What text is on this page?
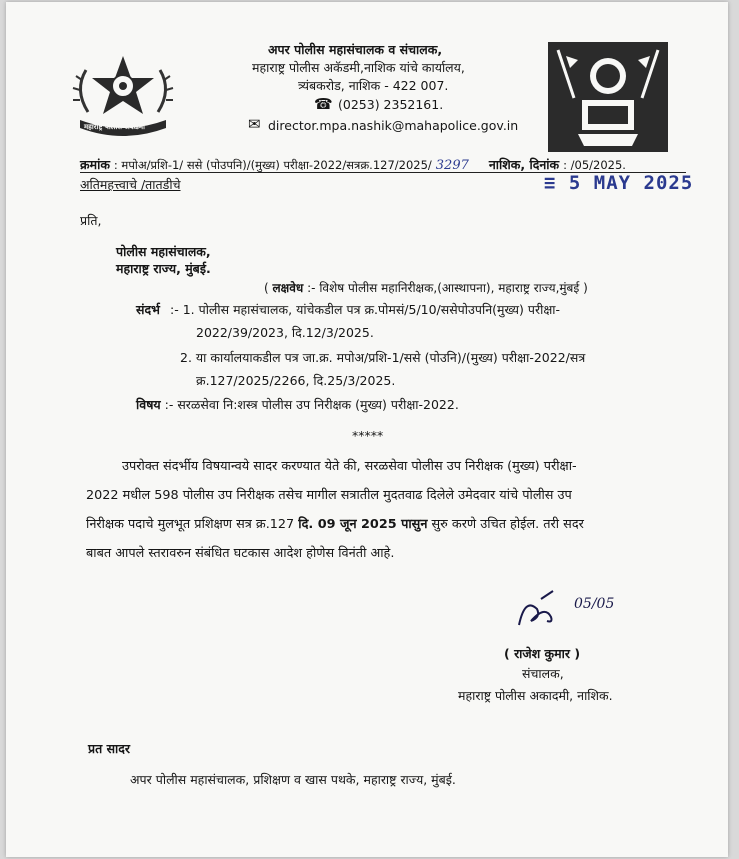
महाराष्ट्र पोलीस अकॅडमी
अपर पोलीस महासंचालक व संचालक,
महाराष्ट्र पोलीस अकॅडमी,नाशिक यांचे कार्यालय,
त्र्यंबकरोड, नाशिक - 422 007.
☎ (0253) 2352161.
✉ director.mpa.nashik@mahapolice.gov.in
क्रमांक : मपोअ/प्रशि-1/ ससे (पोउपनि)/(मुख्य) परीक्षा-2022/सत्रक्र.127/2025/ 3297 नाशिक, दिनांक : /05/2025.
अतिमहत्त्वाचे /तातडीचे	≡ 5 MAY 2025
प्रति,
पोलीस महासंचालक,
महाराष्ट्र राज्य, मुंबई.
( लक्षवेध :- विशेष पोलीस महानिरीक्षक,(आस्थापना), महाराष्ट्र राज्य,मुंबई )
संदर्भ :- 1. पोलीस महासंचालक, यांचेकडील पत्र क्र.पोमसं/5/10/ससेपोउपनि(मुख्य) परीक्षा-
2022/39/2023, दि.12/3/2025.
2. या कार्यालयाकडील पत्र जा.क्र. मपोअ/प्रशि-1/ससे (पोउनि)/(मुख्य) परीक्षा-2022/सत्र
क्र.127/2025/2266, दि.25/3/2025.
विषय :- सरळसेवा नि:शस्त्र पोलीस उप निरीक्षक (मुख्य) परीक्षा-2022.
*****
उपरोक्त संदर्भीय विषयान्वये सादर करण्यात येते की, सरळसेवा पोलीस उप निरीक्षक (मुख्य) परीक्षा-
2022 मधील 598 पोलीस उप निरीक्षक तसेच मागील सत्रातील मुदतवाढ दिलेले उमेदवार यांचे पोलीस उप
निरीक्षक पदाचे मुलभूत प्रशिक्षण सत्र क्र.127 दि. 09 जून 2025 पासुन सुरु करणे उचित होईल. तरी सदर
बाबत आपले स्तरावरुन संबंधित घटकास आदेश होणेस विनंती आहे.
05/05
( राजेश कुमार )
संचालक,
महाराष्ट्र पोलीस अकादमी, नाशिक.
प्रत सादर
अपर पोलीस महासंचालक, प्रशिक्षण व खास पथके, महाराष्ट्र राज्य, मुंबई.
